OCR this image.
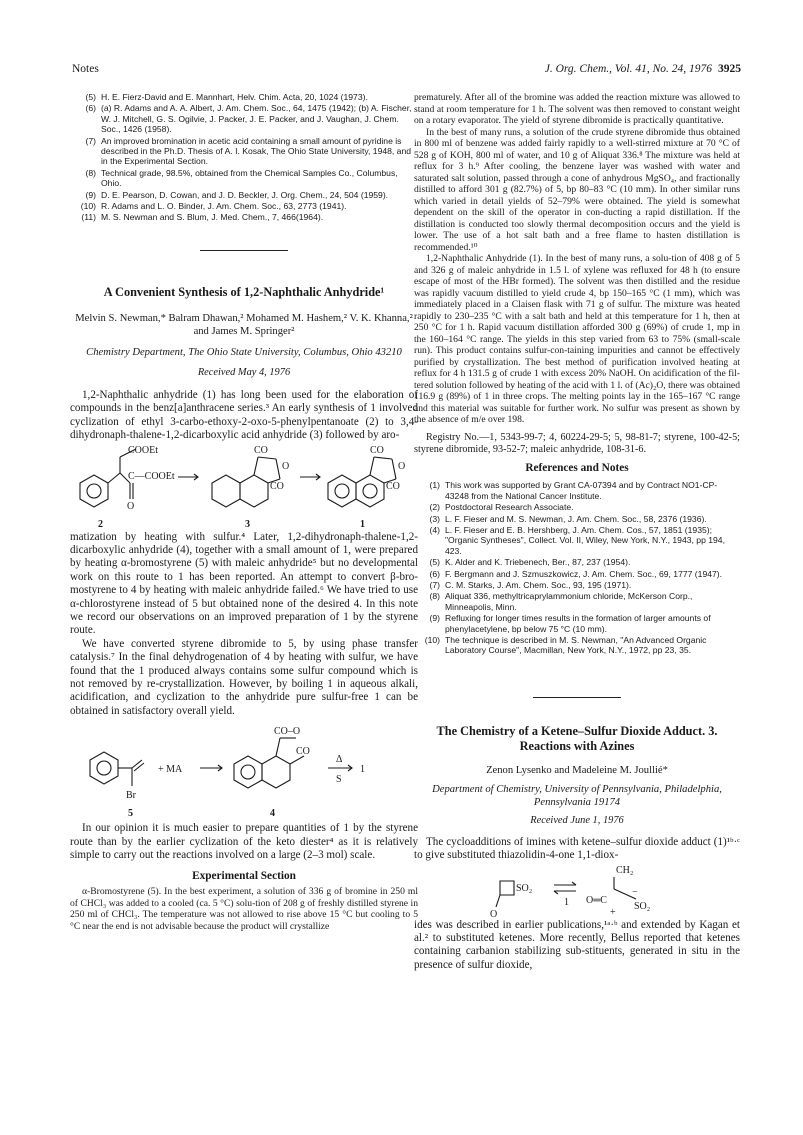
Notes	J. Org. Chem., Vol. 41, No. 24, 1976 3925
(5) H. E. Fierz-David and E. Mannhart, Helv. Chim. Acta, 20, 1024 (1973).
(6) (a) R. Adams and A. A. Albert, J. Am. Chem. Soc., 64, 1475 (1942); (b) A. Fischer, W. J. Mitchell, G. S. Ogilvie, J. Packer, J. E. Packer, and J. Vaughan, J. Chem. Soc., 1426 (1958).
(7) An improved bromination in acetic acid containing a small amount of pyridine is described in the Ph.D. Thesis of A. I. Kosak, The Ohio State University, 1948, and in the Experimental Section.
(8) Technical grade, 98.5%, obtained from the Chemical Samples Co., Columbus, Ohio.
(9) D. E. Pearson, D. Cowan, and J. D. Beckler, J. Org. Chem., 24, 504 (1959).
(10) R. Adams and L. O. Binder, J. Am. Chem. Soc., 63, 2773 (1941).
(11) M. S. Newman and S. Blum, J. Med. Chem., 7, 466(1964).
A Convenient Synthesis of 1,2-Naphthalic Anhydride¹
Melvin S. Newman,* Balram Dhawan,² Mohamed M. Hashem,² V. K. Khanna,² and James M. Springer²
Chemistry Department, The Ohio State University, Columbus, Ohio 43210
Received May 4, 1976

1,2-Naphthalic anhydride (1) has long been used for the elaboration of compounds in the benz[a]anthracene series.³ An early synthesis of 1 involved cyclization of ethyl 3-carbo-ethoxy-2-oxo-5-phenylpentanoate (2) to 3,4-dihydronaph-thalene-1,2-dicarboxylic acid anhydride (3) followed by aro-

COOEt
C—COOEt
O
CO
O
CO
CO
O
CO
2	3	1

matization by heating with sulfur.⁴ Later, 1,2-dihydronaph-thalene-1,2-dicarboxylic anhydride (4), together with a small amount of 1, were prepared by heating α-bromostyrene (5) with maleic anhydride⁵ but no developmental work on this route to 1 has been reported. An attempt to convert β-bro-mostyrene to 4 by heating with maleic anhydride failed.⁶ We have tried to use α-chlorostyrene instead of 5 but obtained none of the desired 4. In this note we record our observations on an improved preparation of 1 by the styrene route.

We have converted styrene dibromide to 5, by using phase transfer catalysis.⁷ In the final dehydrogenation of 4 by heating with sulfur, we have found that the 1 produced always contains some sulfur compound which is not removed by re-crystallization. However, by boiling 1 in aqueous alkali, acidification, and cyclization to the anhydride pure sulfur-free 1 can be obtained in satisfactory overall yield.

+ MA
Br
CO–O
CO
Δ
S
1
5	4

In our opinion it is much easier to prepare quantities of 1 by the styrene route than by the earlier cyclization of the keto diester⁴ as it is relatively simple to carry out the reactions involved on a large (2–3 mol) scale.

Experimental Section

α-Bromostyrene (5). In the best experiment, a solution of 336 g of bromine in 250 ml of CHCl₃ was added to a cooled (ca. 5 °C) solu-tion of 208 g of freshly distilled styrene in 250 ml of CHCl₃. The temperature was not allowed to rise above 15 °C but cooling to 5 °C near the end is not advisable because the product will crystallize

prematurely. After all of the bromine was added the reaction mixture was allowed to stand at room temperature for 1 h. The solvent was then removed to constant weight on a rotary evaporator. The yield of styrene dibromide is practically quantitative.

In the best of many runs, a solution of the crude styrene dibromide thus obtained in 800 ml of benzene was added fairly rapidly to a well-stirred mixture at 70 °C of 528 g of KOH, 800 ml of water, and 10 g of Aliquat 336.⁸ The mixture was held at reflux for 3 h.⁹ After cooling, the benzene layer was washed with water and saturated salt solution, passed through a cone of anhydrous MgSO₄, and fractionally distilled to afford 301 g (82.7%) of 5, bp 80–83 °C (10 mm). In other similar runs which varied in detail yields of 52–79% were obtained. The yield is somewhat dependent on the skill of the operator in con-ducting a rapid distillation. If the distillation is conducted too slowly thermal decomposition occurs and the yield is lower. The use of a hot salt bath and a free flame to hasten distillation is recommended.¹⁰

1,2-Naphthalic Anhydride (1). In the best of many runs, a solu-tion of 408 g of 5 and 326 g of maleic anhydride in 1.5 l. of xylene was refluxed for 48 h (to ensure escape of most of the HBr formed). The solvent was then distilled and the residue was rapidly vacuum distilled to yield crude 4, bp 150–165 °C (1 mm), which was immediately placed in a Claisen flask with 71 g of sulfur. The mixture was heated rapidly to 230–235 °C with a salt bath and held at this temperature for 1 h, then at 250 °C for 1 h. Rapid vacuum distillation afforded 300 g (69%) of crude 1, mp in the 160–164 °C range. The yields in this step varied from 63 to 75% (small-scale run). This product contains sulfur-con-taining impurities and cannot be effectively purified by crystallization. The best method of purification involved heating at reflux for 4 h 131.5 g of crude 1 with excess 20% NaOH. On acidification of the fil-tered solution followed by heating of the acid with 1 l. of (Ac)₂O, there was obtained 116.9 g (89%) of 1 in three crops. The melting points lay in the 165–167 °C range and this material was suitable for further work. No sulfur was present as shown by the absence of m/e over 198.

Registry No.—1, 5343-99-7; 4, 60224-29-5; 5, 98-81-7; styrene, 100-42-5; styrene dibromide, 93-52-7; maleic anhydride, 108-31-6.

References and Notes
(1) This work was supported by Grant CA-07394 and by Contract NO1-CP-43248 from the National Cancer Institute.
(2) Postdoctoral Research Associate.
(3) L. F. Fieser and M. S. Newman, J. Am. Chem. Soc., 58, 2376 (1936).
(4) L. F. Fieser and E. B. Hershberg, J. Am. Chem. Cos., 57, 1851 (1935); "Organic Syntheses", Collect. Vol. II, Wiley, New York, N.Y., 1943, pp 194, 423.
(5) K. Alder and K. Triebenech, Ber., 87, 237 (1954).
(6) F. Bergmann and J. Szmuszkowicz, J. Am. Chem. Soc., 69, 1777 (1947).
(7) C. M. Starks, J. Am. Chem. Soc., 93, 195 (1971).
(8) Aliquat 336, methyltricaprylammonium chloride, McKerson Corp., Minneapolis, Minn.
(9) Refluxing for longer times results in the formation of larger amounts of phenylacetylene, bp below 75 °C (10 mm).
(10) The technique is described in M. S. Newman, "An Advanced Organic Laboratory Course", Macmillan, New York, N.Y., 1972, pp 23, 35.
The Chemistry of a Ketene–Sulfur Dioxide Adduct. 3. Reactions with Azines
Zenon Lysenko and Madeleine M. Joullié*
Department of Chemistry, University of Pennsylvania, Philadelphia, Pennsylvania 19174
Received June 1, 1976

The cycloadditions of imines with ketene–sulfur dioxide adduct (1)¹ᵇ·ᶜ to give substituted thiazolidin-4-one 1,1-diox-

SO₂
O
1
CH₂
O═C
SO₂
+
−

ides was described in earlier publications,¹ᵃ·ᵇ and extended by Kagan et al.² to substituted ketenes. More recently, Bellus reported that ketenes containing carbanion stabilizing sub-stituents, generated in situ in the presence of sulfur dioxide,
